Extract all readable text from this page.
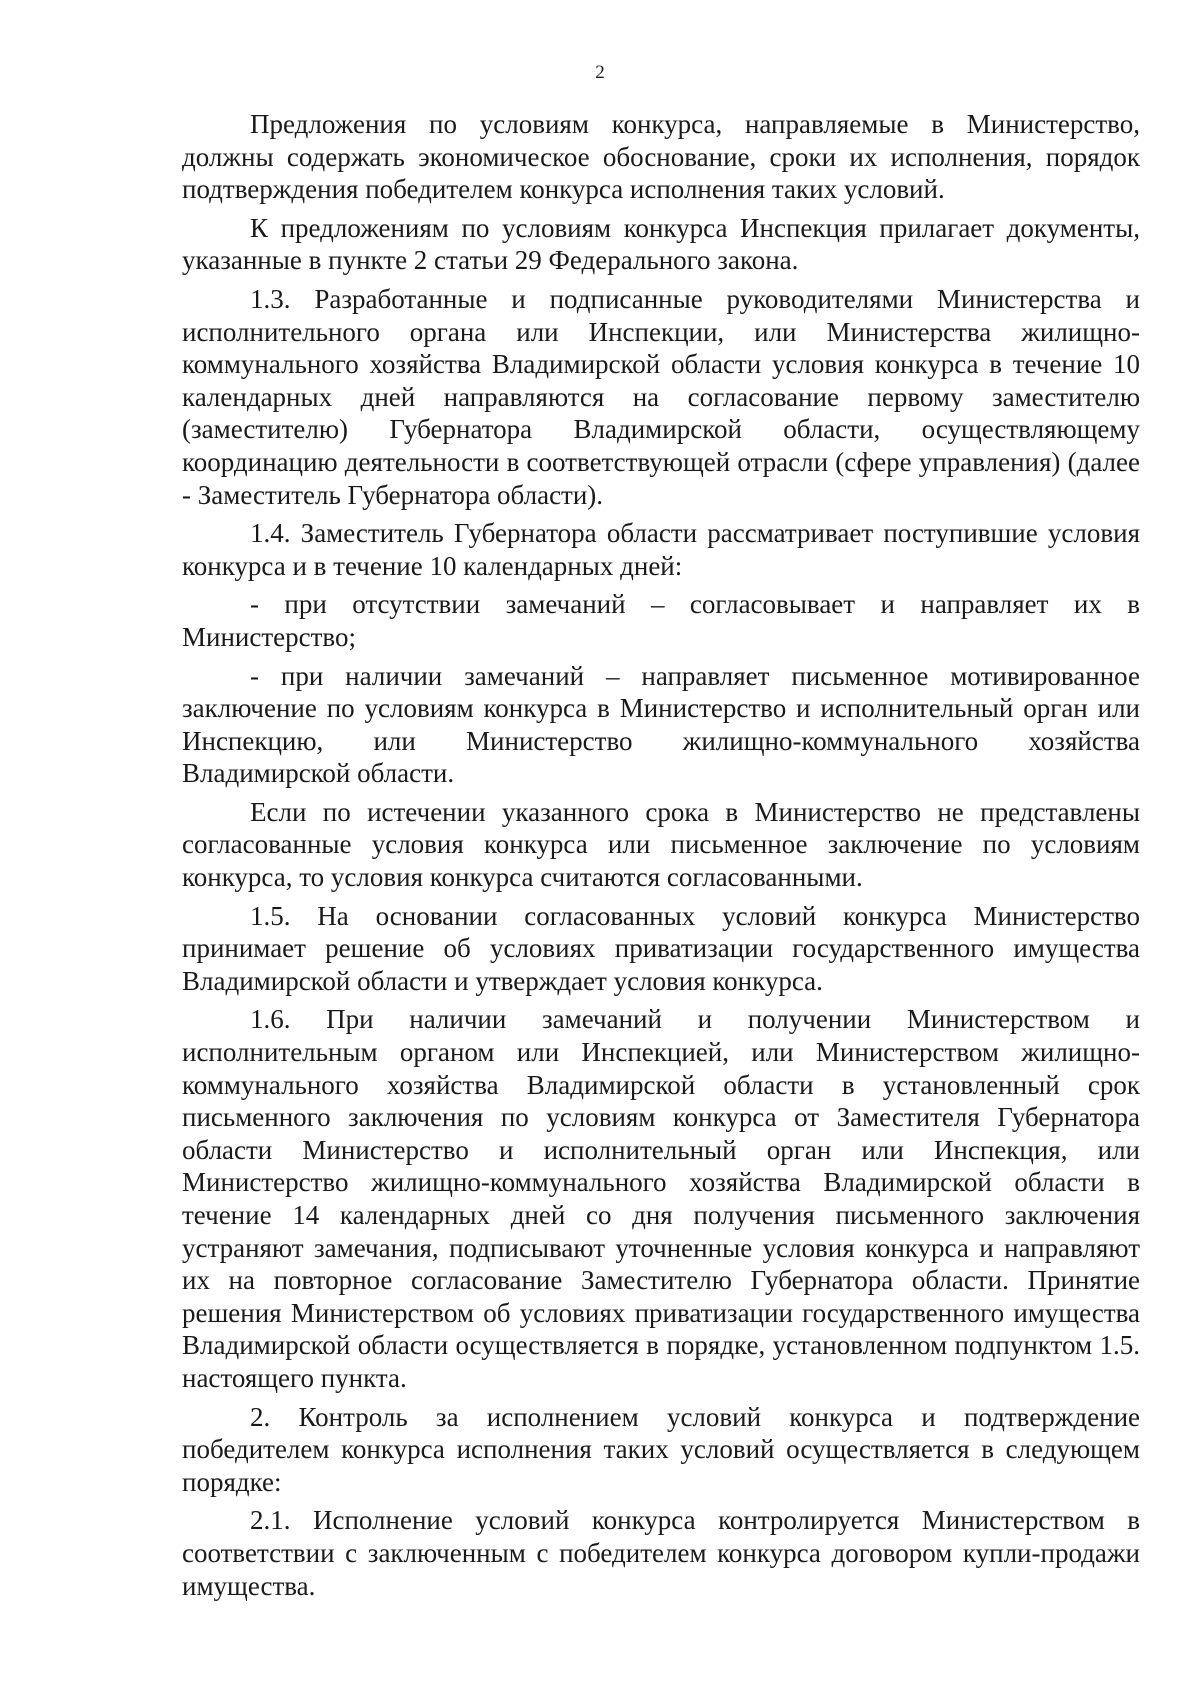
2

Предложения по условиям конкурса, направляемые в Министерство, должны содержать экономическое обоснование, сроки их исполнения, порядок подтверждения победителем конкурса исполнения таких условий.

К предложениям по условиям конкурса Инспекция прилагает документы, указанные в пункте 2 статьи 29 Федерального закона.

1.3. Разработанные и подписанные руководителями Министерства и исполнительного органа или Инспекции, или Министерства жилищно-коммунального хозяйства Владимирской области условия конкурса в течение 10 календарных дней направляются на согласование первому заместителю (заместителю) Губернатора Владимирской области, осуществляющему координацию деятельности в соответствующей отрасли (сфере управления) (далее - Заместитель Губернатора области).

1.4. Заместитель Губернатора области рассматривает поступившие условия конкурса и в течение 10 календарных дней:

- при отсутствии замечаний – согласовывает и направляет их в Министерство;

- при наличии замечаний – направляет письменное мотивированное заключение по условиям конкурса в Министерство и исполнительный орган или Инспекцию, или Министерство жилищно-коммунального хозяйства Владимирской области.

Если по истечении указанного срока в Министерство не представлены согласованные условия конкурса или письменное заключение по условиям конкурса, то условия конкурса считаются согласованными.

1.5. На основании согласованных условий конкурса Министерство принимает решение об условиях приватизации государственного имущества Владимирской области и утверждает условия конкурса.

1.6. При наличии замечаний и получении Министерством и исполнительным органом или Инспекцией, или Министерством жилищно-коммунального хозяйства Владимирской области в установленный срок письменного заключения по условиям конкурса от Заместителя Губернатора области Министерство и исполнительный орган или Инспекция, или Министерство жилищно-коммунального хозяйства Владимирской области в течение 14 календарных дней со дня получения письменного заключения устраняют замечания, подписывают уточненные условия конкурса и направляют их на повторное согласование Заместителю Губернатора области. Принятие решения Министерством об условиях приватизации государственного имущества Владимирской области осуществляется в порядке, установленном подпунктом 1.5. настоящего пункта.

2. Контроль за исполнением условий конкурса и подтверждение победителем конкурса исполнения таких условий осуществляется в следующем порядке:

2.1. Исполнение условий конкурса контролируется Министерством в соответствии с заключенным с победителем конкурса договором купли-продажи имущества.
